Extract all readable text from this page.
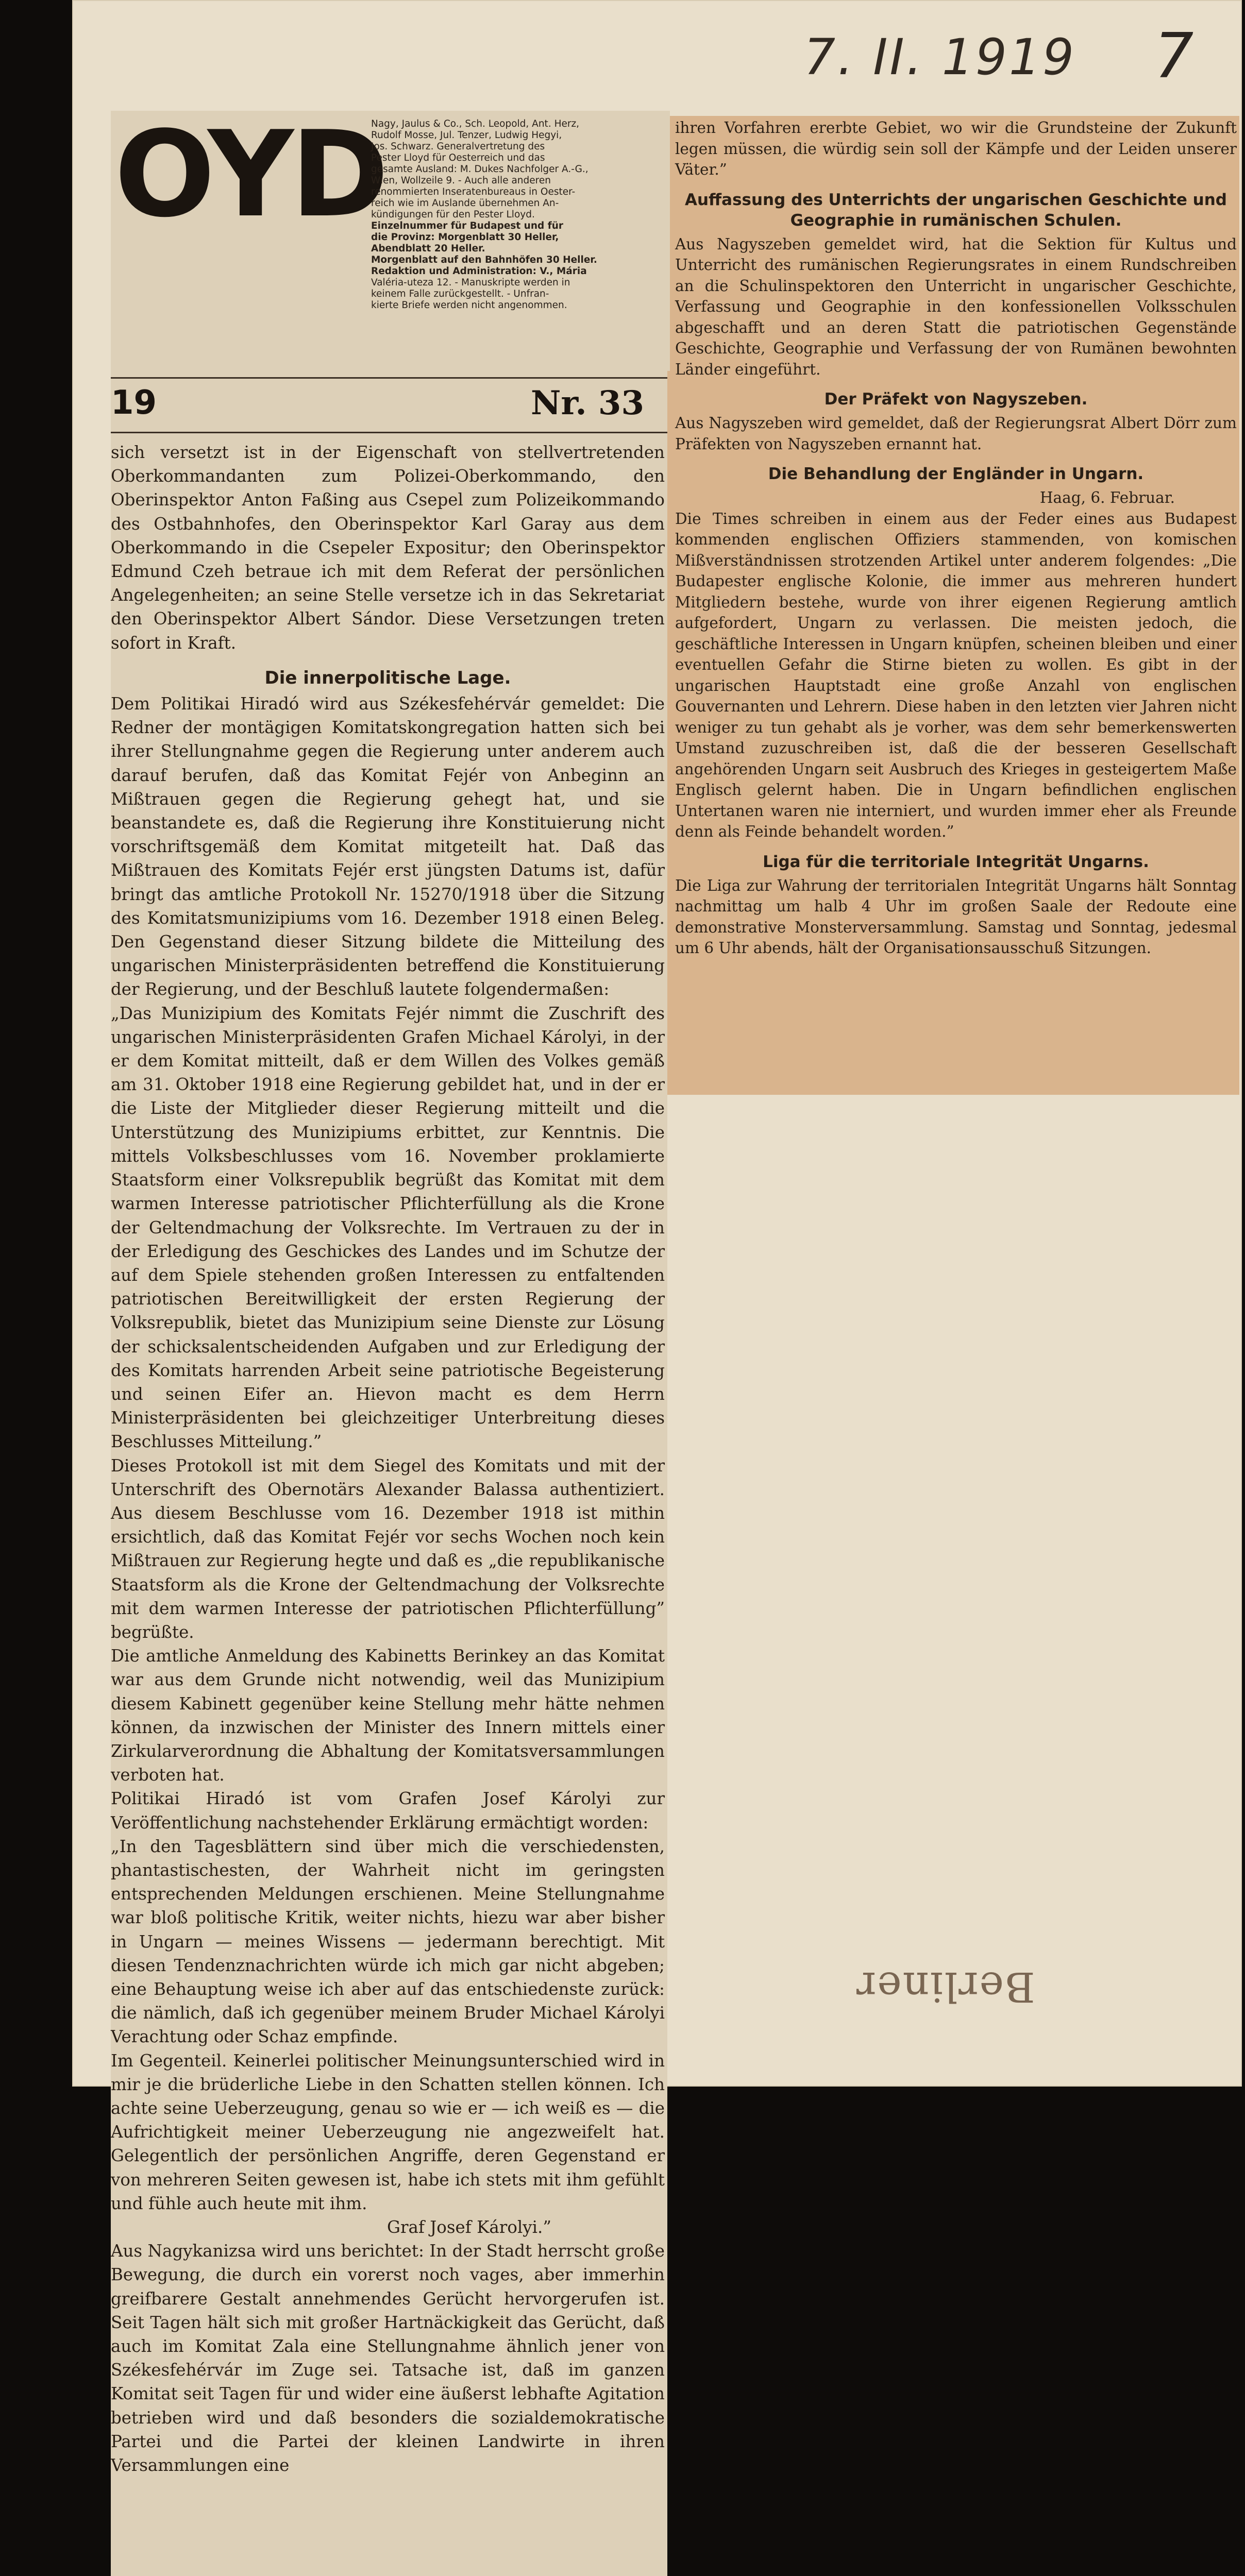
7. II. 1919 7
OYD

Nagy, Jaulus & Co., Sch. Leopold, Ant. Herz,

Rudolf Mosse, Jul. Tenzer, Ludwig Hegyi,

Jos. Schwarz. Generalvertretung des

Pester Lloyd für Oesterreich und das

gesamte Ausland: M. Dukes Nachfolger A.-G.,

Wien, Wollzeile 9. - Auch alle anderen

renommierten Inseratenbureaus in Oester-

reich wie im Auslande übernehmen An-

kündigungen für den Pester Lloyd.

Einzelnummer für Budapest und für

die Provinz: Morgenblatt 30 Heller,

Abendblatt 20 Heller.

Morgenblatt auf den Bahnhöfen 30 Heller.

Redaktion und Administration: V., Mária

Valéria-uteza 12. - Manuskripte werden in

keinem Falle zurückgestellt. - Unfran-

kierte Briefe werden nicht angenommen.

19	Nr. 33

sich versetzt ist in der Eigenschaft von stellvertretenden Oberkommandanten zum Polizei-Oberkommando, den Oberinspektor Anton Faßing aus Csepel zum Polizeikommando des Ostbahnhofes, den Oberinspektor Karl Garay aus dem Oberkommando in die Csepeler Expositur; den Oberinspektor Edmund Czeh betraue ich mit dem Referat der persönlichen Angelegenheiten; an seine Stelle versetze ich in das Sekretariat den Oberinspektor Albert Sándor. Diese Versetzungen treten sofort in Kraft.

Die innerpolitische Lage.

Dem Politikai Hiradó wird aus Székesfehérvár gemeldet: Die Redner der montägigen Komitatskongregation hatten sich bei ihrer Stellungnahme gegen die Regierung unter anderem auch darauf berufen, daß das Komitat Fejér von Anbeginn an Mißtrauen gegen die Regierung gehegt hat, und sie beanstandete es, daß die Regierung ihre Konstituierung nicht vorschriftsgemäß dem Komitat mitgeteilt hat. Daß das Mißtrauen des Komitats Fejér erst jüngsten Datums ist, dafür bringt das amtliche Protokoll Nr. 15270/1918 über die Sitzung des Komitatsmunizipiums vom 16. Dezember 1918 einen Beleg. Den Gegenstand dieser Sitzung bildete die Mitteilung des ungarischen Ministerpräsidenten betreffend die Konstituierung der Regierung, und der Beschluß lautete folgendermaßen:

„Das Munizipium des Komitats Fejér nimmt die Zuschrift des ungarischen Ministerpräsidenten Grafen Michael Károlyi, in der er dem Komitat mitteilt, daß er dem Willen des Volkes gemäß am 31. Oktober 1918 eine Regierung gebildet hat, und in der er die Liste der Mitglieder dieser Regierung mitteilt und die Unterstützung des Munizipiums erbittet, zur Kenntnis. Die mittels Volksbeschlusses vom 16. November proklamierte Staatsform einer Volksrepublik begrüßt das Komitat mit dem warmen Interesse patriotischer Pflichterfüllung als die Krone der Geltendmachung der Volksrechte. Im Vertrauen zu der in der Erledigung des Geschickes des Landes und im Schutze der auf dem Spiele stehenden großen Interessen zu entfaltenden patriotischen Bereitwilligkeit der ersten Regierung der Volksrepublik, bietet das Munizipium seine Dienste zur Lösung der schicksalentscheidenden Aufgaben und zur Erledigung der des Komitats harrenden Arbeit seine patriotische Begeisterung und seinen Eifer an. Hievon macht es dem Herrn Ministerpräsidenten bei gleichzeitiger Unterbreitung dieses Beschlusses Mitteilung.”

Dieses Protokoll ist mit dem Siegel des Komitats und mit der Unterschrift des Obernotärs Alexander Balassa authentiziert. Aus diesem Beschlusse vom 16. Dezember 1918 ist mithin ersichtlich, daß das Komitat Fejér vor sechs Wochen noch kein Mißtrauen zur Regierung hegte und daß es „die republikanische Staatsform als die Krone der Geltendmachung der Volksrechte mit dem warmen Interesse der patriotischen Pflichterfüllung” begrüßte.

Die amtliche Anmeldung des Kabinetts Berinkey an das Komitat war aus dem Grunde nicht notwendig, weil das Munizipium diesem Kabinett gegenüber keine Stellung mehr hätte nehmen können, da inzwischen der Minister des Innern mittels einer Zirkularverordnung die Abhaltung der Komitatsversammlungen verboten hat.

Politikai Hiradó ist vom Grafen Josef Károlyi zur Veröffentlichung nachstehender Erklärung ermächtigt worden:

„In den Tagesblättern sind über mich die verschiedensten, phantastischesten, der Wahrheit nicht im geringsten entsprechenden Meldungen erschienen. Meine Stellungnahme war bloß politische Kritik, weiter nichts, hiezu war aber bisher in Ungarn — meines Wissens — jedermann berechtigt. Mit diesen Tendenznachrichten würde ich mich gar nicht abgeben; eine Behauptung weise ich aber auf das entschiedenste zurück: die nämlich, daß ich gegenüber meinem Bruder Michael Károlyi Verachtung oder Schaz empfinde.

Im Gegenteil. Keinerlei politischer Meinungsunterschied wird in mir je die brüderliche Liebe in den Schatten stellen können. Ich achte seine Ueberzeugung, genau so wie er — ich weiß es — die Aufrichtigkeit meiner Ueberzeugung nie angezweifelt hat. Gelegentlich der persönlichen Angriffe, deren Gegenstand er von mehreren Seiten gewesen ist, habe ich stets mit ihm gefühlt und fühle auch heute mit ihm.

Graf Josef Károlyi.”

Aus Nagykanizsa wird uns berichtet: In der Stadt herrscht große Bewegung, die durch ein vorerst noch vages, aber immerhin greifbarere Gestalt annehmendes Gerücht hervorgerufen ist. Seit Tagen hält sich mit großer Hartnäckigkeit das Gerücht, daß auch im Komitat Zala eine Stellungnahme ähnlich jener von Székesfehérvár im Zuge sei. Tatsache ist, daß im ganzen Komitat seit Tagen für und wider eine äußerst lebhafte Agitation betrieben wird und daß besonders die sozialdemokratische Partei und die Partei der kleinen Landwirte in ihren Versammlungen eine

ihren Vorfahren ererbte Gebiet, wo wir die Grundsteine der Zukunft legen müssen, die würdig sein soll der Kämpfe und der Leiden unserer Väter.”

Auffassung des Unterrichts der ungarischen Geschichte und Geographie in rumänischen Schulen.

Aus Nagyszeben gemeldet wird, hat die Sektion für Kultus und Unterricht des rumänischen Regierungsrates in einem Rundschreiben an die Schulinspektoren den Unterricht in ungarischer Geschichte, Verfassung und Geographie in den konfessionellen Volksschulen abgeschafft und an deren Statt die patriotischen Gegenstände Geschichte, Geographie und Verfassung der von Rumänen bewohnten Länder eingeführt.

Der Präfekt von Nagyszeben.

Aus Nagyszeben wird gemeldet, daß der Regierungsrat Albert Dörr zum Präfekten von Nagyszeben ernannt hat.

Die Behandlung der Engländer in Ungarn.

Haag, 6. Februar.

Die Times schreiben in einem aus der Feder eines aus Budapest kommenden englischen Offiziers stammenden, von komischen Mißverständnissen strotzenden Artikel unter anderem folgendes: „Die Budapester englische Kolonie, die immer aus mehreren hundert Mitgliedern bestehe, wurde von ihrer eigenen Regierung amtlich aufgefordert, Ungarn zu verlassen. Die meisten jedoch, die geschäftliche Interessen in Ungarn knüpfen, scheinen bleiben und einer eventuellen Gefahr die Stirne bieten zu wollen. Es gibt in der ungarischen Hauptstadt eine große Anzahl von englischen Gouvernanten und Lehrern. Diese haben in den letzten vier Jahren nicht weniger zu tun gehabt als je vorher, was dem sehr bemerkenswerten Umstand zuzuschreiben ist, daß die der besseren Gesellschaft angehörenden Ungarn seit Ausbruch des Krieges in gesteigertem Maße Englisch gelernt haben. Die in Ungarn befindlichen englischen Untertanen waren nie interniert, und wurden immer eher als Freunde denn als Feinde behandelt worden.”

Liga für die territoriale Integrität Ungarns.

Die Liga zur Wahrung der territorialen Integrität Ungarns hält Sonntag nachmittag um halb 4 Uhr im großen Saale der Redoute eine demonstrative Monsterversammlung. Samstag und Sonntag, jedesmal um 6 Uhr abends, hält der Organisationsausschuß Sitzungen.

Berliner
